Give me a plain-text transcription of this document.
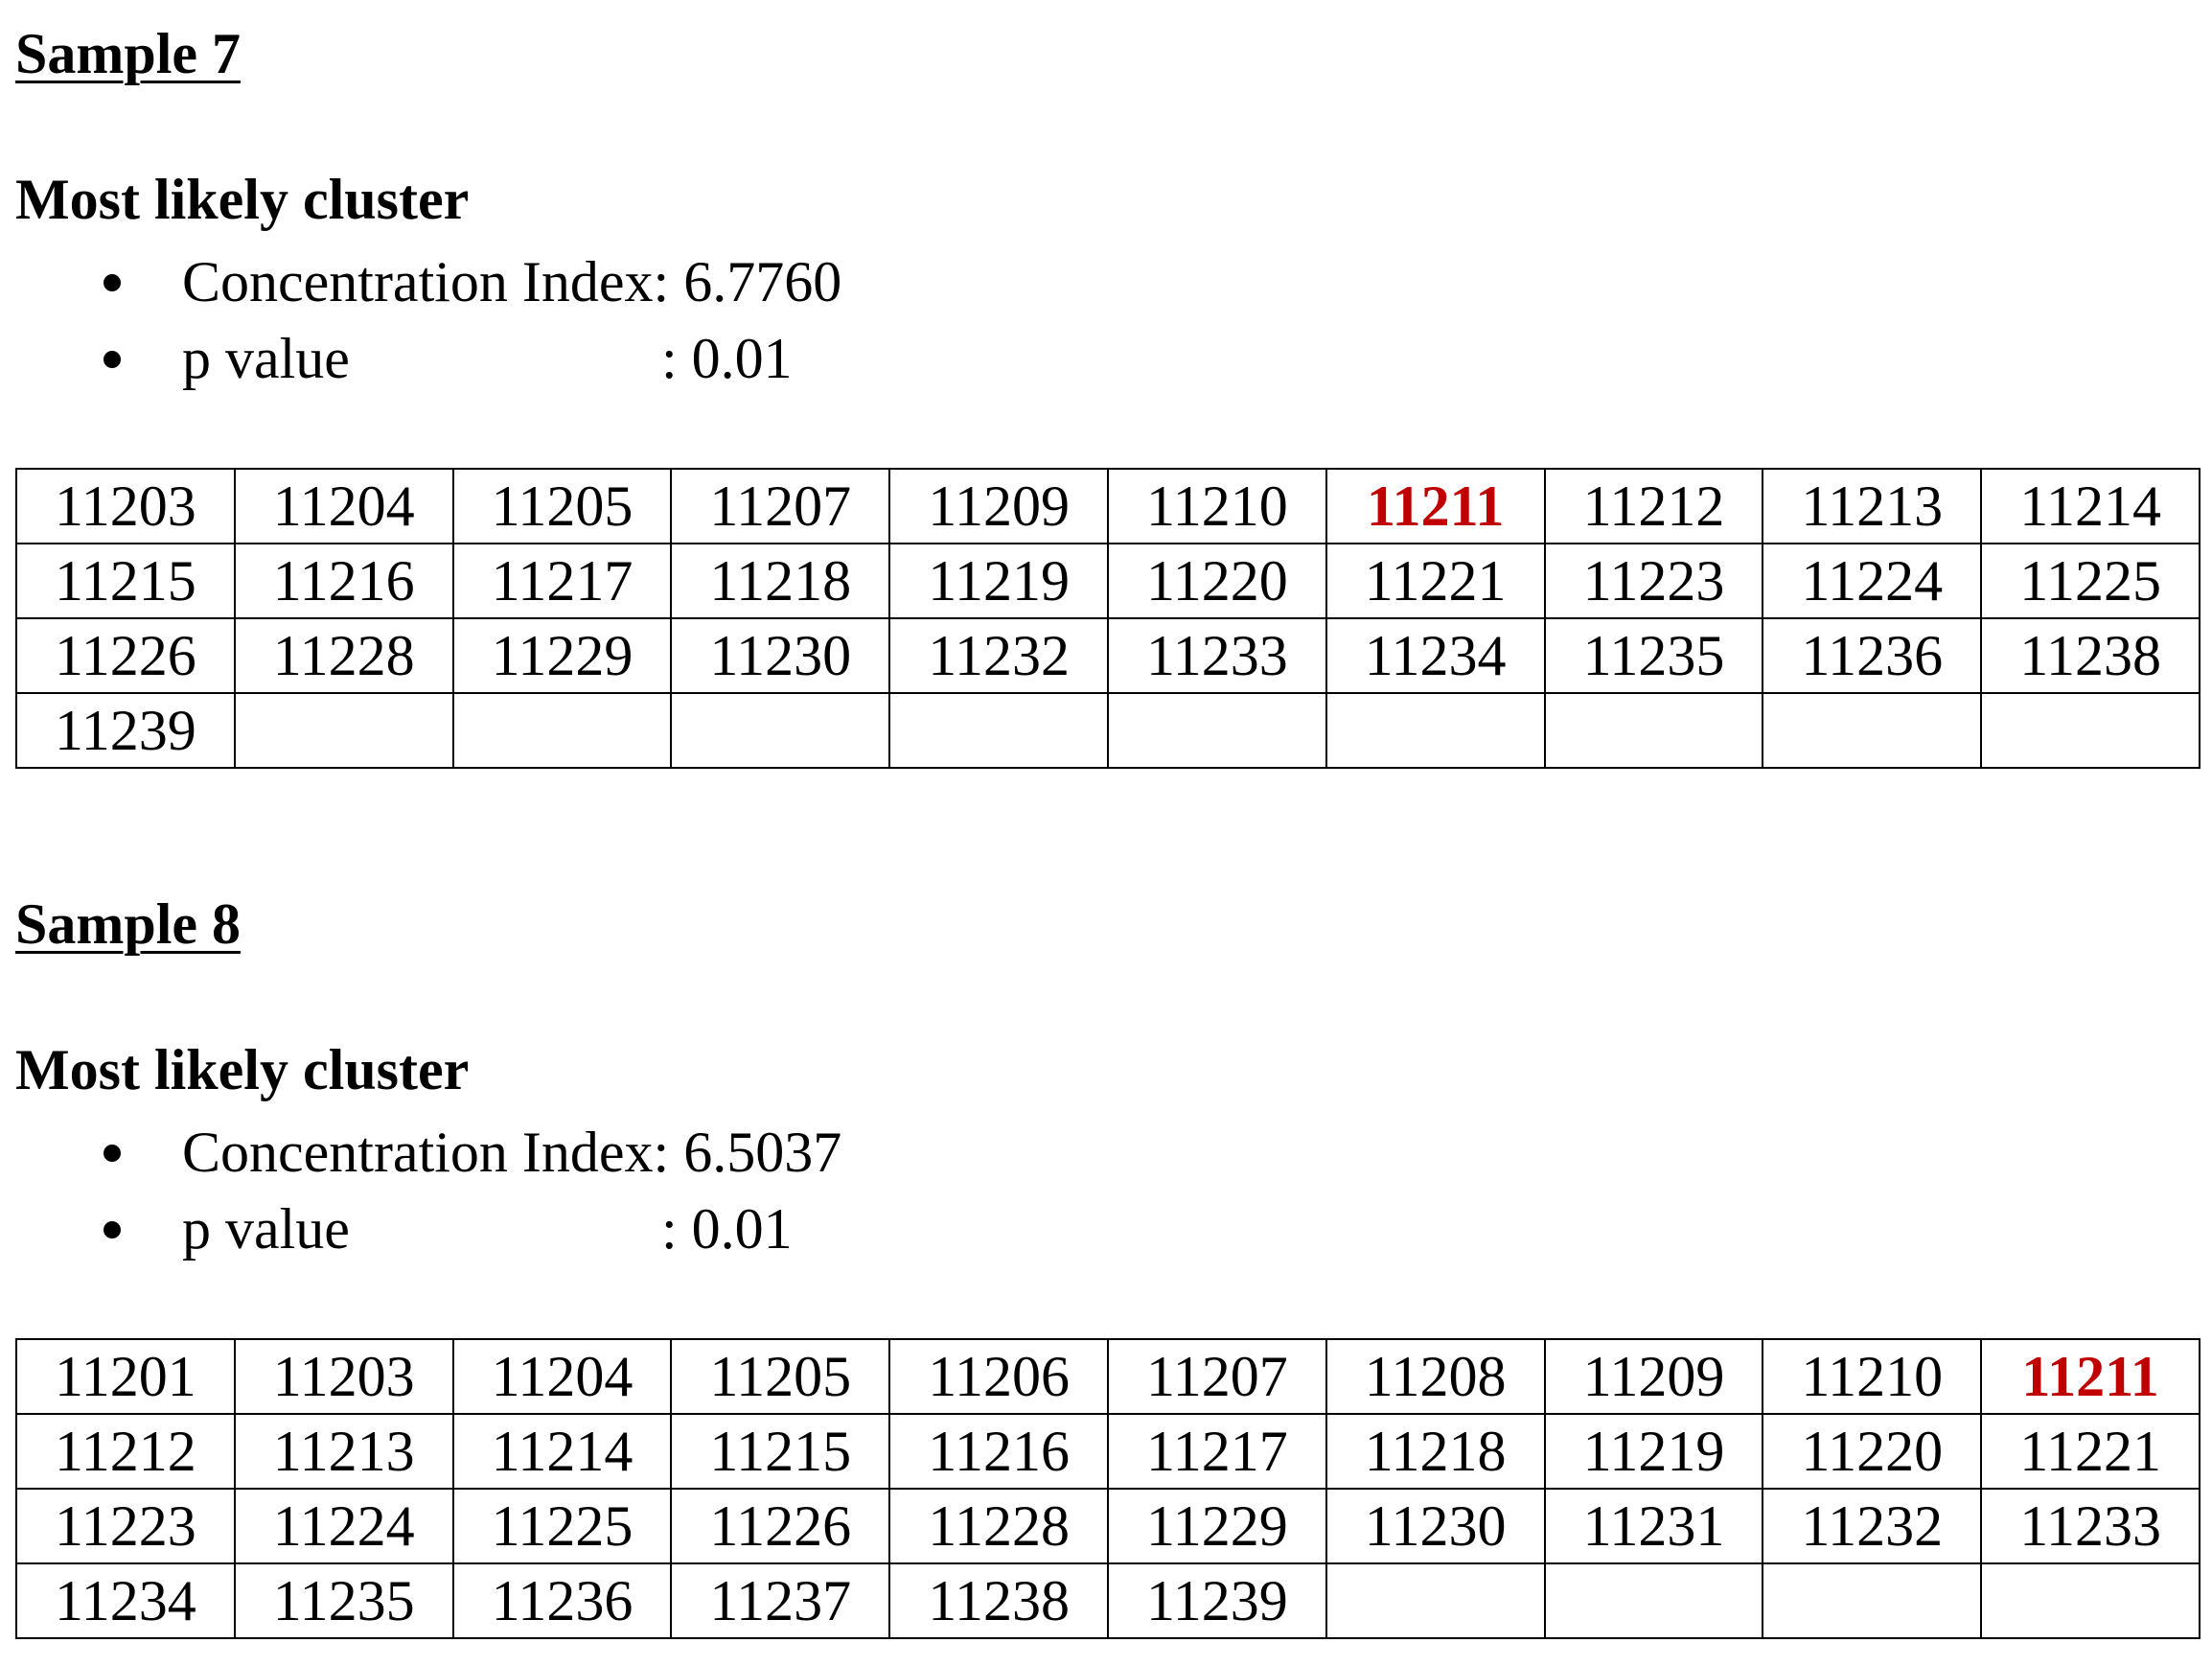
Sample 7
Most likely cluster
Concentration Index: 6.7760
p value	: 0.01
11203	11204	11205	11207	11209	11210	11211	11212	11213	11214
11215	11216	11217	11218	11219	11220	11221	11223	11224	11225
11226	11228	11229	11230	11232	11233	11234	11235	11236	11238
11239									
Sample 8
Most likely cluster
Concentration Index: 6.5037
p value	: 0.01
11201	11203	11204	11205	11206	11207	11208	11209	11210	11211
11212	11213	11214	11215	11216	11217	11218	11219	11220	11221
11223	11224	11225	11226	11228	11229	11230	11231	11232	11233
11234	11235	11236	11237	11238	11239				
